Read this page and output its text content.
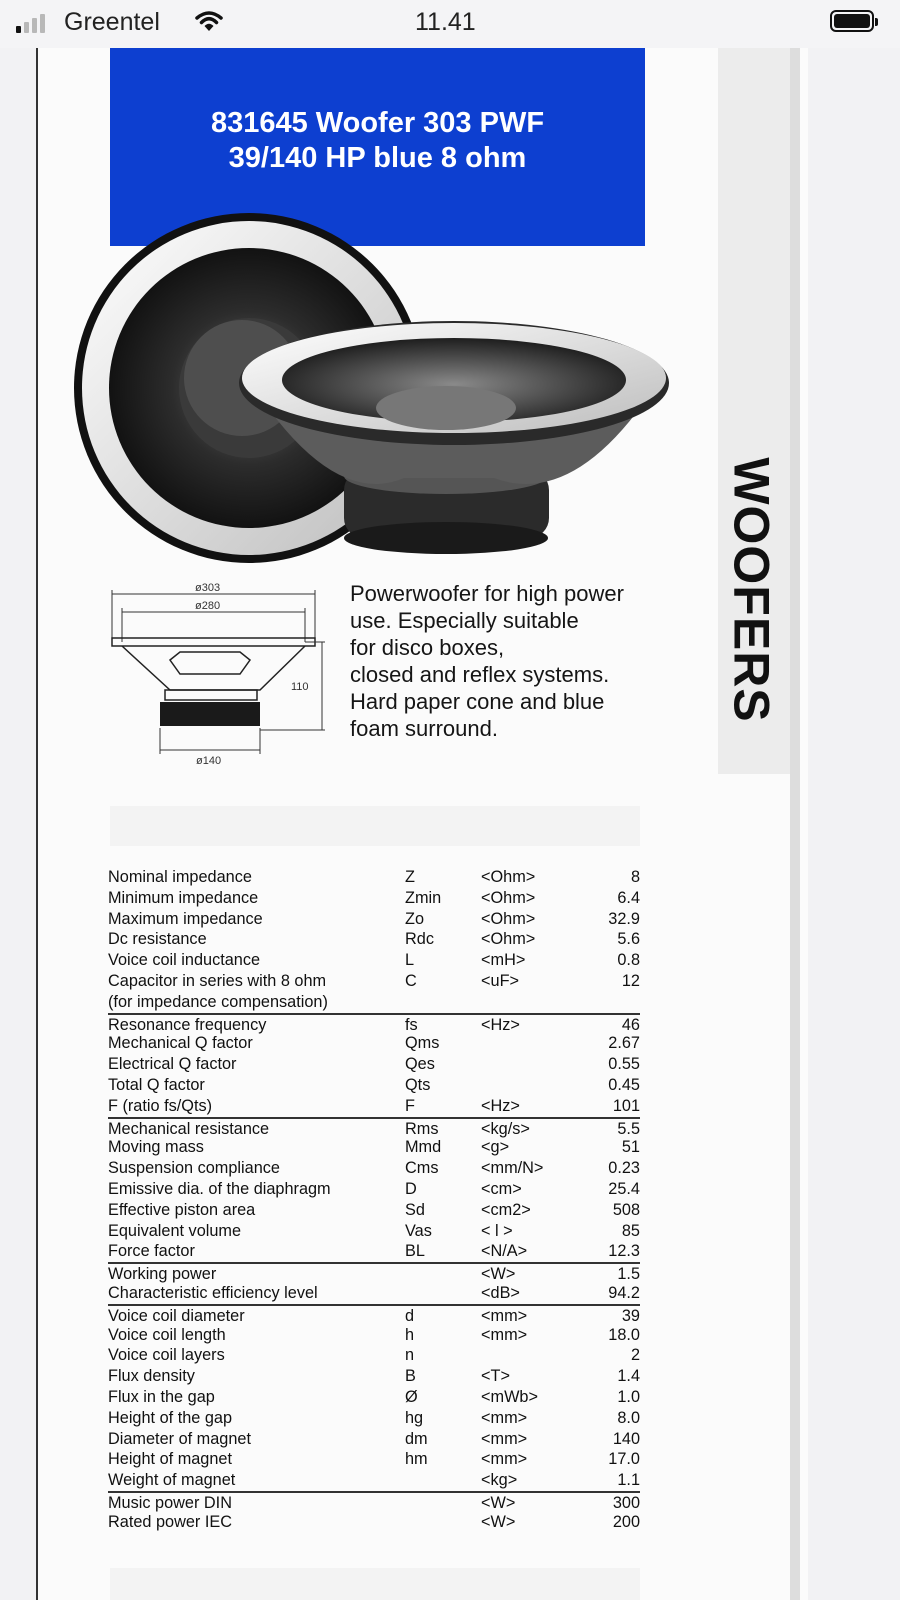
Greentel	11.41
WOOFERS
831645 Woofer 303 PWF
39/140 HP blue 8 ohm
ø303
ø280
110
ø140
Powerwoofer for high power
use. Especially suitable
for disco boxes,
closed and reflex systems.
Hard paper cone and blue
foam surround.
Nominal impedance	Z	<Ohm>	8
Minimum impedance	Zmin <Ohm>	6.4
Maximum impedance	Zo	<Ohm>	32.9
Dc resistance	Rdc	<Ohm>	5.6
Voice coil inductance	L	<mH>	0.8
Capacitor in series with 8 ohm	C	<uF>	12
(for impedance compensation)
Resonance frequency	fs	<Hz>	46
Mechanical Q factor	Qms	2.67
Electrical Q factor	Qes	0.55
Total Q factor	Qts	0.45
F (ratio fs/Qts)	F	<Hz>	101
Mechanical resistance	Rms	<kg/s>	5.5
Moving mass	Mmd <g>	51
Suspension compliance	Cms	<mm/N>	0.23
Emissive dia. of the diaphragm	D	<cm>	25.4
Effective piston area	Sd	<cm2>	508
Equivalent volume	Vas	< l >	85
Force factor	BL	<N/A>	12.3
Working power	<W>	1.5
Characteristic efficiency level	<dB>	94.2
Voice coil diameter	d	<mm>	39
Voice coil length	h	<mm>	18.0
Voice coil layers	n	2
Flux density	B	<T>	1.4
Flux in the gap	Ø	<mWb>	1.0
Height of the gap	hg	<mm>	8.0
Diameter of magnet	dm	<mm>	140
Height of magnet	hm	<mm>	17.0
Weight of magnet	<kg>	1.1
Music power DIN	<W>	300
Rated power IEC	<W>	200
